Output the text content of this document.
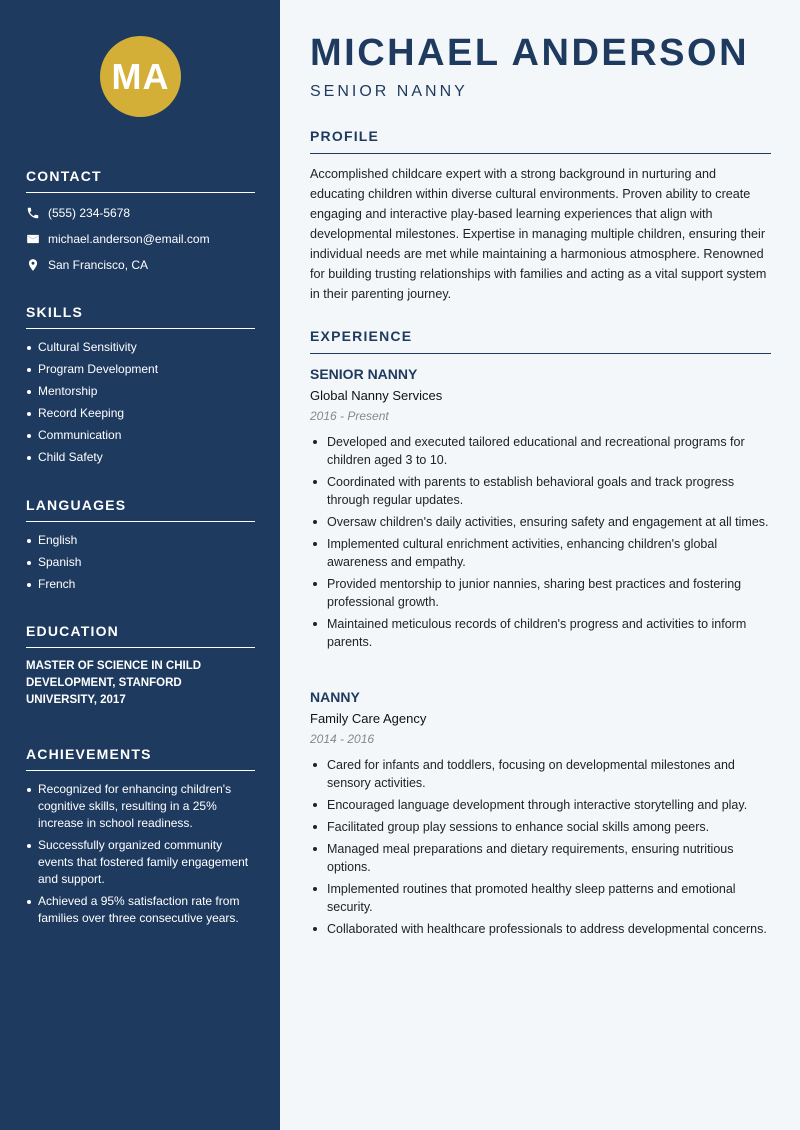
MA
CONTACT
(555) 234-5678
michael.anderson@email.com
San Francisco, CA
SKILLS
Cultural Sensitivity
Program Development
Mentorship
Record Keeping
Communication
Child Safety
LANGUAGES
English
Spanish
French
EDUCATION
MASTER OF SCIENCE IN CHILD DEVELOPMENT, STANFORD UNIVERSITY, 2017
ACHIEVEMENTS
Recognized for enhancing children's cognitive skills, resulting in a 25% increase in school readiness.
Successfully organized community events that fostered family engagement and support.
Achieved a 95% satisfaction rate from families over three consecutive years.
MICHAEL ANDERSON
SENIOR NANNY
PROFILE

Accomplished childcare expert with a strong background in nurturing and educating children within diverse cultural environments. Proven ability to create engaging and interactive play-based learning experiences that align with developmental milestones. Expertise in managing multiple children, ensuring their individual needs are met while maintaining a harmonious atmosphere. Renowned for building trusting relationships with families and acting as a vital support system in their parenting journey.

EXPERIENCE
SENIOR NANNY
Global Nanny Services
2016 - Present
Developed and executed tailored educational and recreational programs for children aged 3 to 10.
Coordinated with parents to establish behavioral goals and track progress through regular updates.
Oversaw children's daily activities, ensuring safety and engagement at all times.
Implemented cultural enrichment activities, enhancing children's global awareness and empathy.
Provided mentorship to junior nannies, sharing best practices and fostering professional growth.
Maintained meticulous records of children's progress and activities to inform parents.
NANNY
Family Care Agency
2014 - 2016
Cared for infants and toddlers, focusing on developmental milestones and sensory activities.
Encouraged language development through interactive storytelling and play.
Facilitated group play sessions to enhance social skills among peers.
Managed meal preparations and dietary requirements, ensuring nutritious options.
Implemented routines that promoted healthy sleep patterns and emotional security.
Collaborated with healthcare professionals to address developmental concerns.
